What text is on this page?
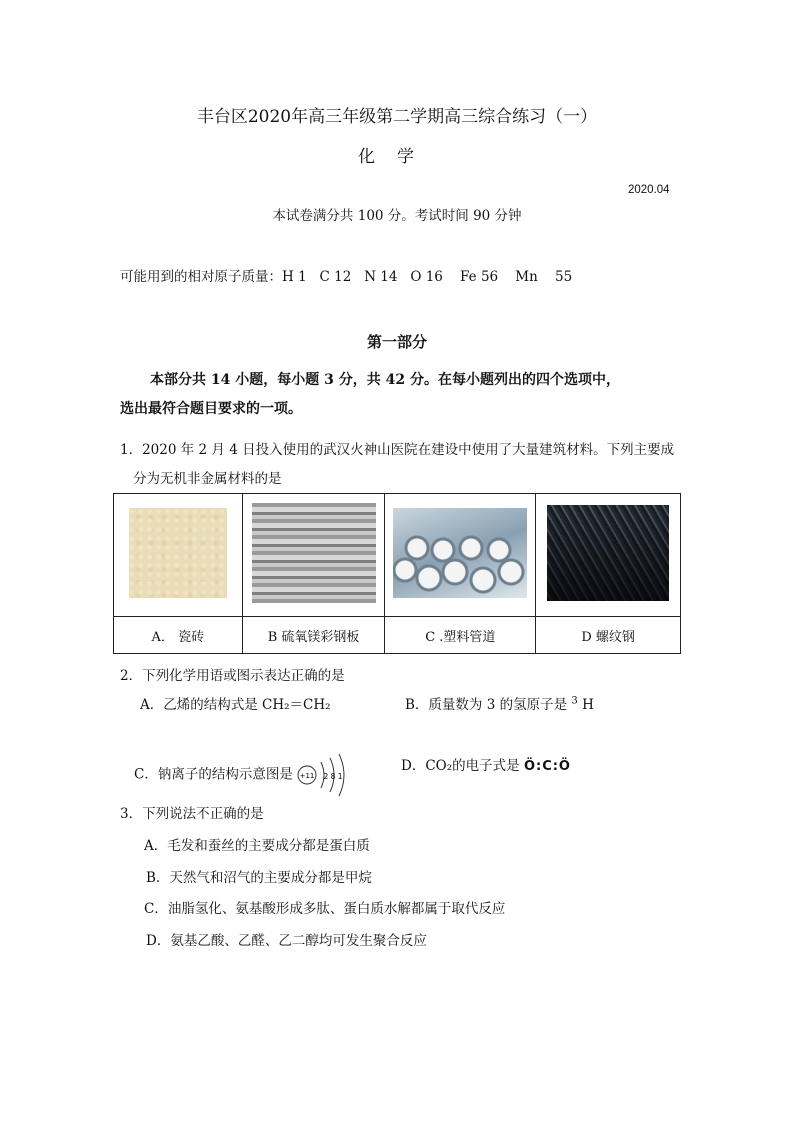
丰台区2020年高三年级第二学期高三综合练习（一）
化学
2020.04
本试卷满分共 100 分。考试时间 90 分钟
可能用到的相对原子质量：H 1   C 12   N 14   O 16    Fe 56    Mn    55
第一部分
本部分共 14 小题，每小题 3 分，共 42 分。在每小题列出的四个选项中，
选出最符合题目要求的一项。
1．2020 年 2 月 4 日投入使用的武汉火神山医院在建设中使用了大量建筑材料。下列主要成
分为无机非金属材料的是

A． 瓷砖	B 硫氧镁彩钢板	C .塑料管道	D 螺纹钢
2．下列化学用语或图示表达正确的是
A．乙烯的结构式是 CH₂＝CH₂	B．质量数为 3 的氢原子是 $^3$ H
C．钠离子的结构示意图是 +11 2 8 1
D．CO₂的电子式是 Ö:C:Ö
3．下列说法不正确的是
A．毛发和蚕丝的主要成分都是蛋白质
B．天然气和沼气的主要成分都是甲烷
C．油脂氢化、氨基酸形成多肽、蛋白质水解都属于取代反应
D．氨基乙酸、乙醛、乙二醇均可发生聚合反应
